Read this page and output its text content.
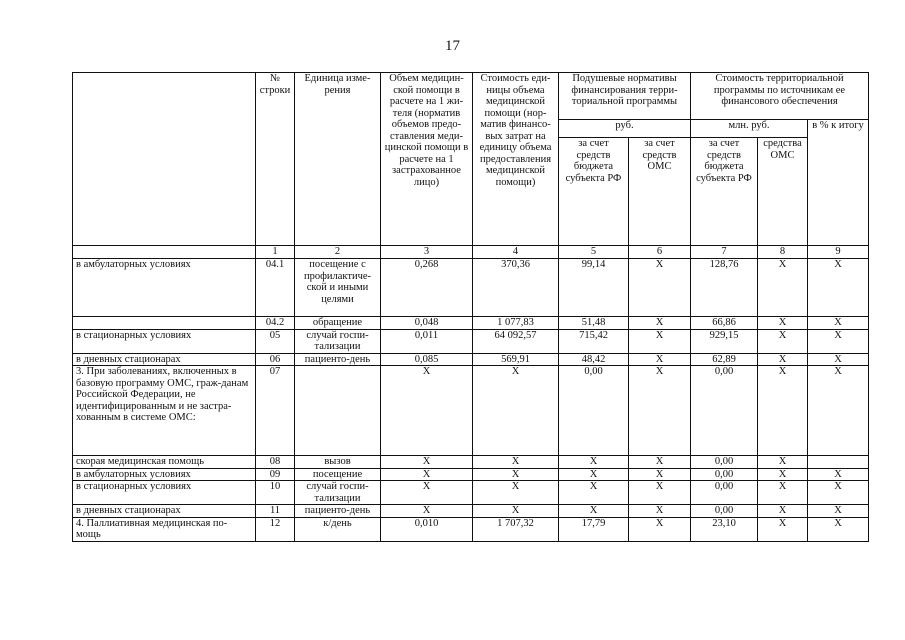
17
	№ строки	Единица изме-рения	Объем медицин-ской помощи в расчете на 1 жи-теля (норматив объемов предо-ставления меди-цинской помощи в расчете на 1 застрахованное лицо)	Стоимость еди-ницы объема медицинской помощи (нор-матив финансо-вых затрат на единицу объема предоставления медицинской помощи)	Подушевые нормативы финансирования терри-ториальной программы		Стоимость территориальной программы по источникам ее финансового обеспечения		
					руб.		млн. руб.		в % к итогу
					за счет средств бюджета субъекта РФ	за счет средств ОМС	за счет средств бюджета субъекта РФ	средства ОМС	
	1	2	3	4	5	6	7	8	9
в амбулаторных условиях	04.1	посещение с профилактиче-ской и иными целями	0,268	370,36	99,14	X	128,76	X	X
	04.2	обращение	0,048	1 077,83	51,48	X	66,86	X	X
в стационарных условиях	05	случай госпи-тализации	0,011	64 092,57	715,42	X	929,15	X	X
в дневных стационарах	06	пациенто-день	0,085	569,91	48,42	X	62,89	X	X
3. При заболеваниях, включенных в базовую программу ОМС, граж-данам Российской Федерации, не идентифицированным и не застра-хованным в системе ОМС:	07		X	X	0,00	X	0,00	X	X
скорая медицинская помощь	08	вызов	X	X	X	X	0,00	X	
в амбулаторных условиях	09	посещение	X	X	X	X	0,00	X	X
в стационарных условиях	10	случай госпи-тализации	X	X	X	X	0,00	X	X
в дневных стационарах	11	пациенто-день	X	X	X	X	0,00	X	X
4. Паллиативная медицинская по-мощь	12	к/день	0,010	1 707,32	17,79	X	23,10	X	X
